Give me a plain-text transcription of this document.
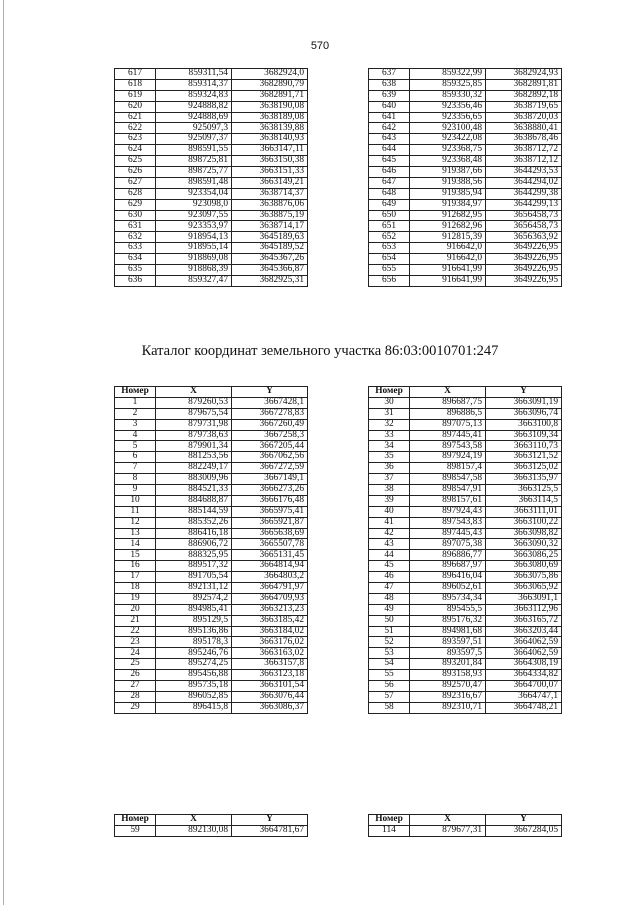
570
617	859311,54	3682924,0
618	859314,37	3682890,79
619	859324,83	3682891,71
620	924888,82	3638190,08
621	924888,69	3638189,08
622	925097,3	3638139,88
623	925097,37	3638140,93
624	898591,55	3663147,11
625	898725,81	3663150,38
626	898725,77	3663151,33
627	898591,48	3663149,21
628	923354,04	3638714,37
629	923098,0	3638876,06
630	923097,55	3638875,19
631	923353,97	3638714,17
632	918954,13	3645189,63
633	918955,14	3645189,52
634	918869,08	3645367,26
635	918868,39	3645366,87
636	859327,47	3682925,31
637	859322,99	3682924,93
638	859325,85	3682891,81
639	859330,32	3682892,18
640	923356,46	3638719,65
641	923356,65	3638720,03
642	923100,48	3638880,41
643	923422,08	3638678,46
644	923368,75	3638712,72
645	923368,48	3638712,12
646	919387,66	3644293,53
647	919388,56	3644294,02
648	919385,94	3644299,38
649	919384,97	3644299,13
650	912682,95	3656458,73
651	912682,96	3656458,73
652	912815,39	3656363,92
653	916642,0	3649226,95
654	916642,0	3649226,95
655	916641,99	3649226,95
656	916641,99	3649226,95
Каталог координат земельного участка 86:03:0010701:247
Номер	X	Y
1	879260,53	3667428,1
2	879675,54	3667278,83
3	879731,98	3667260,49
4	879738,63	3667258,3
5	879901,34	3667205,44
6	881253,56	3667062,56
7	882249,17	3667272,59
8	883009,96	3667149,1
9	884521,33	3666273,26
10	884688,87	3666176,48
11	885144,59	3665975,41
12	885352,26	3665921,87
13	886416,18	3665638,69
14	886906,72	3665507,78
15	888325,95	3665131,45
16	889517,32	3664814,94
17	891705,54	3664803,2
18	892131,12	3664791,97
19	892574,2	3664709,93
20	894985,41	3663213,23
21	895129,5	3663185,42
22	895136,86	3663184,02
23	895178,3	3663176,02
24	895246,76	3663163,02
25	895274,25	3663157,8
26	895456,88	3663123,18
27	895735,18	3663101,54
28	896052,85	3663076,44
29	896415,8	3663086,37
Номер	X	Y
30	896687,75	3663091,19
31	896886,5	3663096,74
32	897075,13	3663100,8
33	897445,41	3663109,34
34	897543,58	3663110,73
35	897924,19	3663121,52
36	898157,4	3663125,02
37	898547,58	3663135,97
38	898547,91	3663125,5
39	898157,61	3663114,5
40	897924,43	3663111,01
41	897543,83	3663100,22
42	897445,43	3663098,82
43	897075,38	3663090,32
44	896886,77	3663086,25
45	896687,97	3663080,69
46	896416,04	3663075,86
47	896052,61	3663065,92
48	895734,34	3663091,1
49	895455,5	3663112,96
50	895176,32	3663165,72
51	894981,68	3663203,44
52	893597,51	3664062,59
53	893597,5	3664062,59
54	893201,84	3664308,19
55	893158,93	3664334,82
56	892570,47	3664700,07
57	892316,67	3664747,1
58	892310,71	3664748,21
Номер	X	Y
59	892130,08	3664781,67
Номер	X	Y
114	879677,31	3667284,05
